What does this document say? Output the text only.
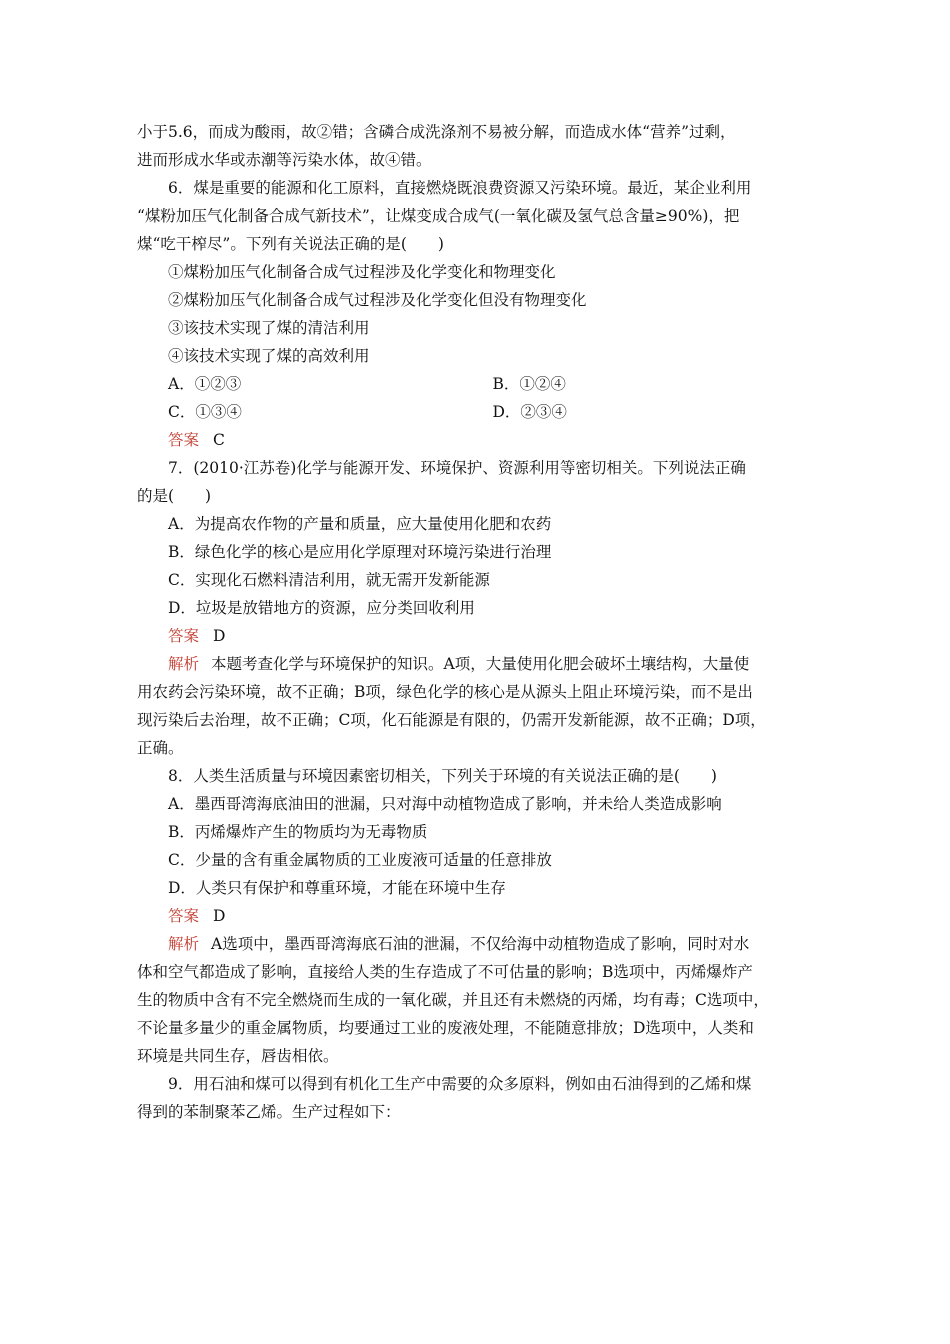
小于5.6，而成为酸雨，故②错；含磷合成洗涤剂不易被分解，而造成水体“营养”过剩，

进而形成水华或赤潮等污染水体，故④错。

6．煤是重要的能源和化工原料，直接燃烧既浪费资源又污染环境。最近，某企业利用

“煤粉加压气化制备合成气新技术”，让煤变成合成气(一氧化碳及氢气总含量≥90%)，把

煤“吃干榨尽”。下列有关说法正确的是(　　)

①煤粉加压气化制备合成气过程涉及化学变化和物理变化

②煤粉加压气化制备合成气过程涉及化学变化但没有物理变化

③该技术实现了煤的清洁利用

④该技术实现了煤的高效利用

A．①②③	B．①②④
C．①③④	D．②③④

答案 C

7．(2010·江苏卷)化学与能源开发、环境保护、资源利用等密切相关。下列说法正确

的是(　　)

A．为提高农作物的产量和质量，应大量使用化肥和农药

B．绿色化学的核心是应用化学原理对环境污染进行治理

C．实现化石燃料清洁利用，就无需开发新能源

D．垃圾是放错地方的资源，应分类回收利用

答案 D

解析 本题考查化学与环境保护的知识。A项，大量使用化肥会破坏土壤结构，大量使

用农药会污染环境，故不正确；B项，绿色化学的核心是从源头上阻止环境污染，而不是出

现污染后去治理，故不正确；C项，化石能源是有限的，仍需开发新能源，故不正确；D项，

正确。

8．人类生活质量与环境因素密切相关，下列关于环境的有关说法正确的是(　　)

A．墨西哥湾海底油田的泄漏，只对海中动植物造成了影响，并未给人类造成影响

B．丙烯爆炸产生的物质均为无毒物质

C．少量的含有重金属物质的工业废液可适量的任意排放

D．人类只有保护和尊重环境，才能在环境中生存

答案 D

解析 A选项中，墨西哥湾海底石油的泄漏，不仅给海中动植物造成了影响，同时对水

体和空气都造成了影响，直接给人类的生存造成了不可估量的影响；B选项中，丙烯爆炸产

生的物质中含有不完全燃烧而生成的一氧化碳，并且还有未燃烧的丙烯，均有毒；C选项中，

不论量多量少的重金属物质，均要通过工业的废液处理，不能随意排放；D选项中，人类和

环境是共同生存，唇齿相依。

9．用石油和煤可以得到有机化工生产中需要的众多原料，例如由石油得到的乙烯和煤

得到的苯制聚苯乙烯。生产过程如下：
